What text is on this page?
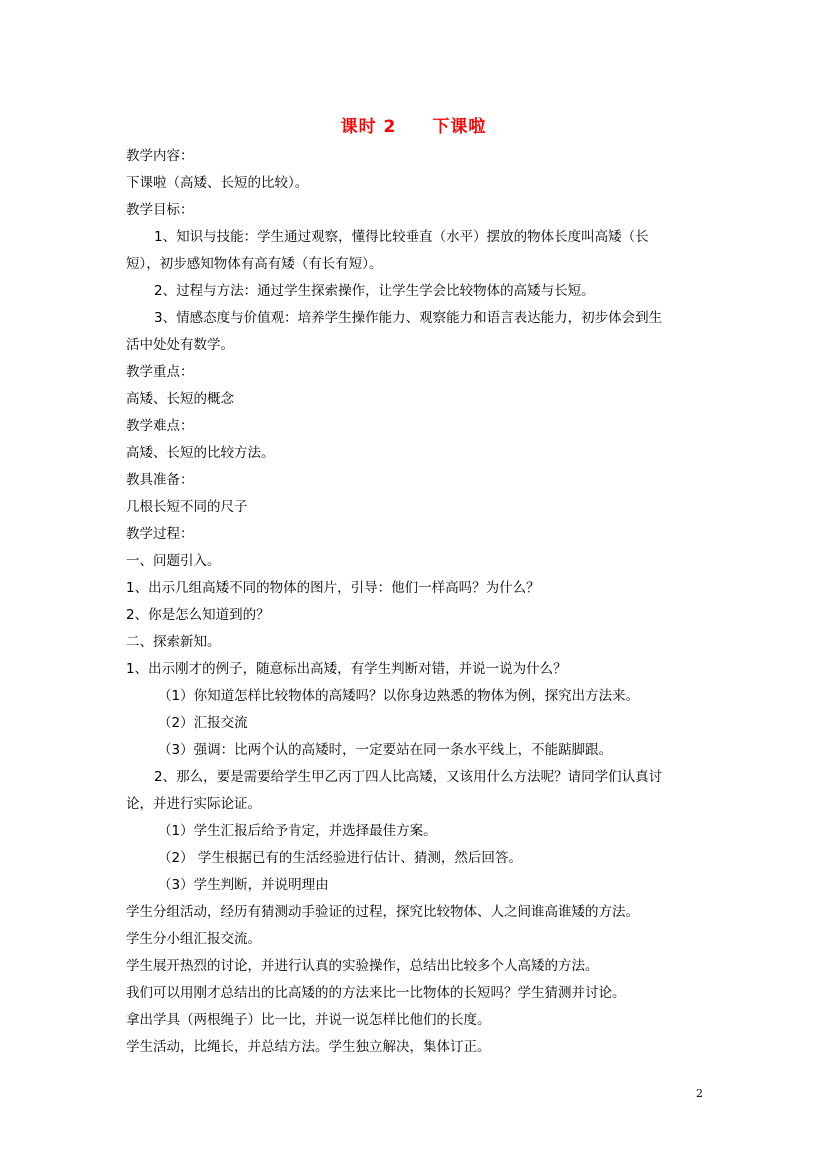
课时 2　　下课啦
教学内容：
下课啦（高矮、长短的比较）。
教学目标：
1、知识与技能：学生通过观察，懂得比较垂直（水平）摆放的物体长度叫高矮（长
短），初步感知物体有高有矮（有长有短）。
2、过程与方法：通过学生探索操作，让学生学会比较物体的高矮与长短。
3、情感态度与价值观：培养学生操作能力、观察能力和语言表达能力，初步体会到生
活中处处有数学。
教学重点：
高矮、长短的概念
教学难点：
高矮、长短的比较方法。
教具准备：
几根长短不同的尺子
教学过程：
一、问题引入。
1、出示几组高矮不同的物体的图片，引导：他们一样高吗？为什么？
2、你是怎么知道到的？
二、探索新知。
1、出示刚才的例子，随意标出高矮，有学生判断对错，并说一说为什么？
（1）你知道怎样比较物体的高矮吗？以你身边熟悉的物体为例，探究出方法来。
（2）汇报交流
（3）强调：比两个认的高矮时，一定要站在同一条水平线上，不能踮脚跟。
2、那么，要是需要给学生甲乙丙丁四人比高矮，又该用什么方法呢？请同学们认真讨
论，并进行实际论证。
（1）学生汇报后给予肯定，并选择最佳方案。
（2） 学生根据已有的生活经验进行估计、猜测，然后回答。
（3）学生判断，并说明理由
学生分组活动，经历有猜测动手验证的过程，探究比较物体、人之间谁高谁矮的方法。
学生分小组汇报交流。
学生展开热烈的讨论，并进行认真的实验操作，总结出比较多个人高矮的方法。
我们可以用刚才总结出的比高矮的的方法来比一比物体的长短吗？学生猜测并讨论。
拿出学具（两根绳子）比一比，并说一说怎样比他们的长度。
学生活动，比绳长，并总结方法。学生独立解决，集体订正。
2
